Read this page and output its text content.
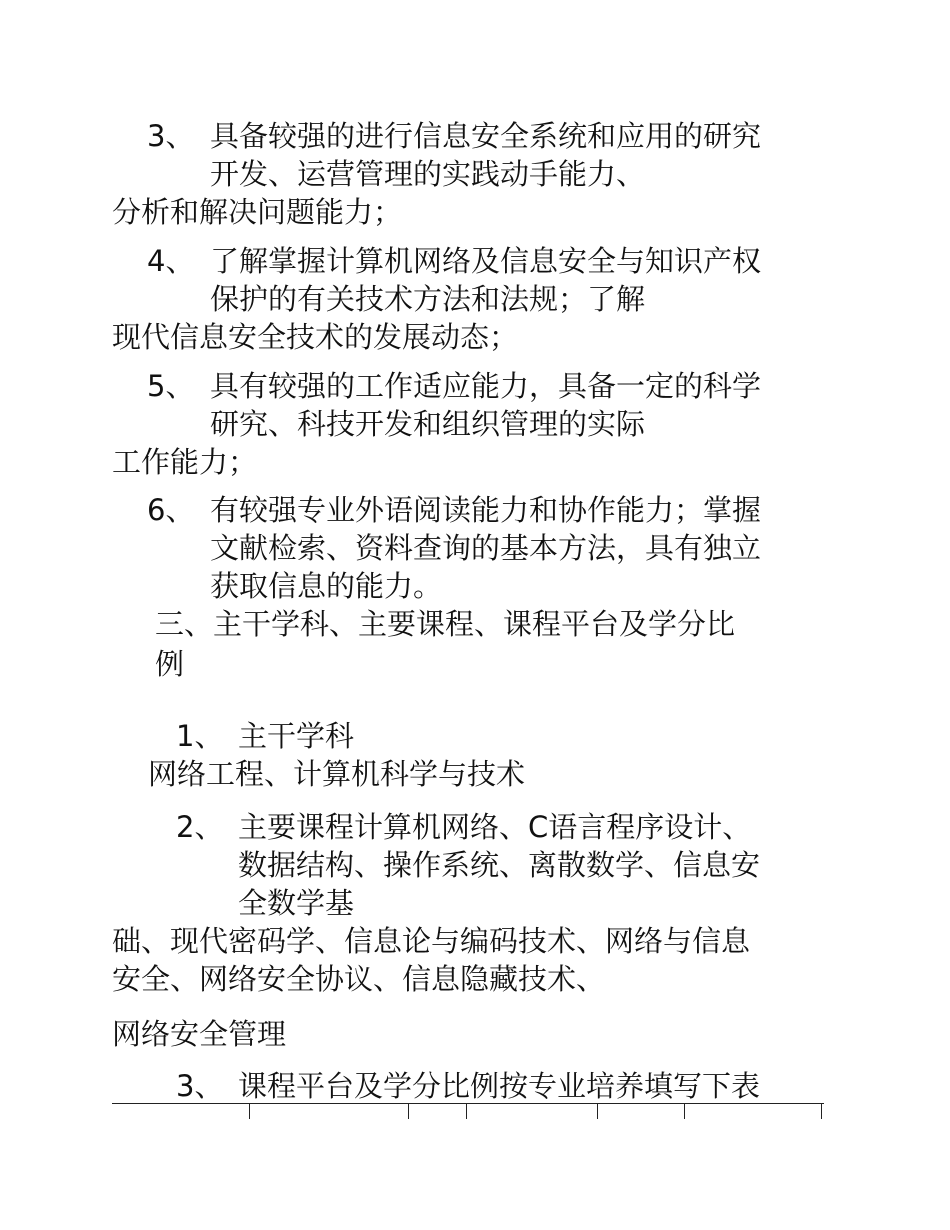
3、 具备较强的进行信息安全系统和应用的研究
开发、运营管理的实践动手能力、
分析和解决问题能力；
4、 了解掌握计算机网络及信息安全与知识产权
保护的有关技术方法和法规；了解
现代信息安全技术的发展动态；
5、 具有较强的工作适应能力，具备一定的科学
研究、科技开发和组织管理的实际
工作能力；
6、 有较强专业外语阅读能力和协作能力；掌握
文献检索、资料查询的基本方法，具有独立
获取信息的能力。
三、主干学科、主要课程、课程平台及学分比
例
1、 主干学科
网络工程、计算机科学与技术
2、 主要课程计算机网络、C语言程序设计、
数据结构、操作系统、离散数学、信息安
全数学基
础、现代密码学、信息论与编码技术、网络与信息
安全、网络安全协议、信息隐藏技术、
网络安全管理
3、 课程平台及学分比例按专业培养填写下表
